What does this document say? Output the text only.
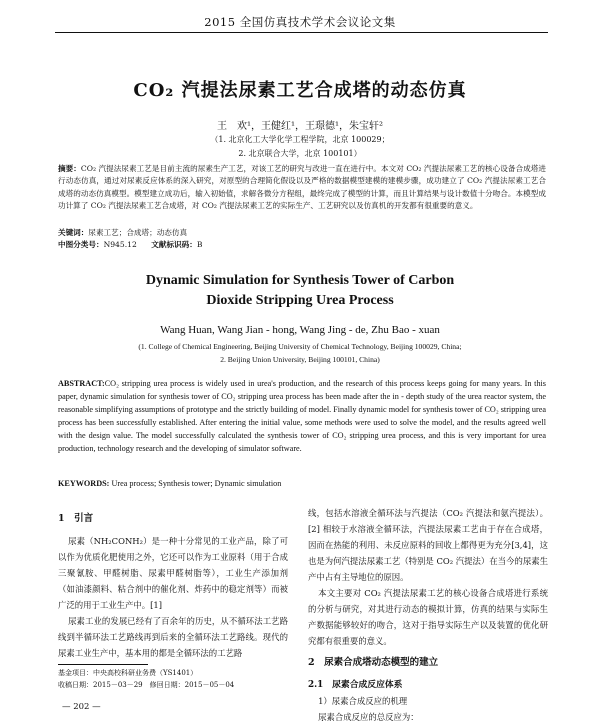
2015 全国仿真技术学术会议论文集
CO₂ 汽提法尿素工艺合成塔的动态仿真
王　欢¹，王健红¹，王璟德¹，朱宝轩²
（1. 北京化工大学化学工程学院，北京 100029；
2. 北京联合大学，北京 100101）
摘要：CO₂ 汽提法尿素工艺是目前主流的尿素生产工艺，对该工艺的研究与改进一直在进行中。本文对 CO₂ 汽提法尿素工艺的核心设备合成塔进行动态仿真，通过对尿素反应体系的深入研究，对原型的合理简化假设以及严格的数据模型建模的建模步骤，成功建立了 CO₂ 汽提法尿素工艺合成塔的动态仿真模型。模型建立成功后，输入初始值，求解各微分方程组，最终完成了模型的计算，而且计算结果与设计数值十分吻合。本模型成功计算了 CO₂ 汽提法尿素工艺合成塔，对 CO₂ 汽提法尿素工艺的实际生产、工艺研究以及仿真机的开发都有很重要的意义。
关键词：尿素工艺；合成塔；动态仿真
中图分类号：N945.12 文献标识码：B
Dynamic Simulation for Synthesis Tower of Carbon
Dioxide Stripping Urea Process
Wang Huan, Wang Jian - hong, Wang Jing - de, Zhu Bao - xuan
(1. College of Chemical Engineering, Beijing University of Chemical Technology, Beijing 100029, China;
2. Beijing Union University, Beijing 100101, China)
ABSTRACT:CO₂ stripping urea process is widely used in urea's production, and the research of this process keeps going for many years. In this paper, dynamic simulation for synthesis tower of CO₂ stripping urea process has been made after the in - depth study of the urea reactor system, the reasonable simplifying assumptions of prototype and the strictly building of model. Finally dynamic model for synthesis tower of CO₂ stripping urea process has been successfully established. After entering the initial value, some methods were used to solve the model, and the results agreed well with the design value. The model successfully calculated the synthesis tower of CO₂ stripping urea process, and this is very important for urea production, technology research and the developing of simulator software.
KEYWORDS: Urea process; Synthesis tower; Dynamic simulation
1　引言

尿素（NH₂CONH₂）是一种十分常见的工业产品，除了可以作为优质化肥使用之外，它还可以作为工业原料（用于合成三聚氰胺、甲醛树脂、尿素甲醛树脂等），工业生产添加剂（如油漆颜料、粘合剂中的催化剂、炸药中的稳定剂等）而被广泛的用于工业生产中。[1]

尿素工业的发展已经有了百余年的历史，从不循环法工艺路线到半循环法工艺路线再到后来的全循环法工艺路线。现代的尿素工业生产中，基本用的都是全循环法的工艺路

线，包括水溶液全循环法与汽提法（CO₂ 汽提法和氨汽提法）。[2] 相较于水溶液全循环法，汽提法尿素工艺由于存在合成塔，因而在热能的利用、未反应原料的回收上都得更为充分[3,4]，这也是为何汽提法尿素工艺（特别是 CO₂ 汽提法）在当今的尿素生产中占有主导地位的原因。

本文主要对 CO₂ 汽提法尿素工艺的核心设备合成塔进行系统的分析与研究，对其进行动态的模拟计算，仿真的结果与实际生产数据能够较好的吻合，这对于指导实际生产以及装置的优化研究都有很重要的意义。

2　尿素合成塔动态模型的建立
2.1　尿素合成反应体系

1）尿素合成反应的机理

尿素合成反应的总反应为：

基金项目：中央高校科研业务费（YS1401）
收稿日期：2015－03－29　修回日期：2015－05－04
— 202 —
